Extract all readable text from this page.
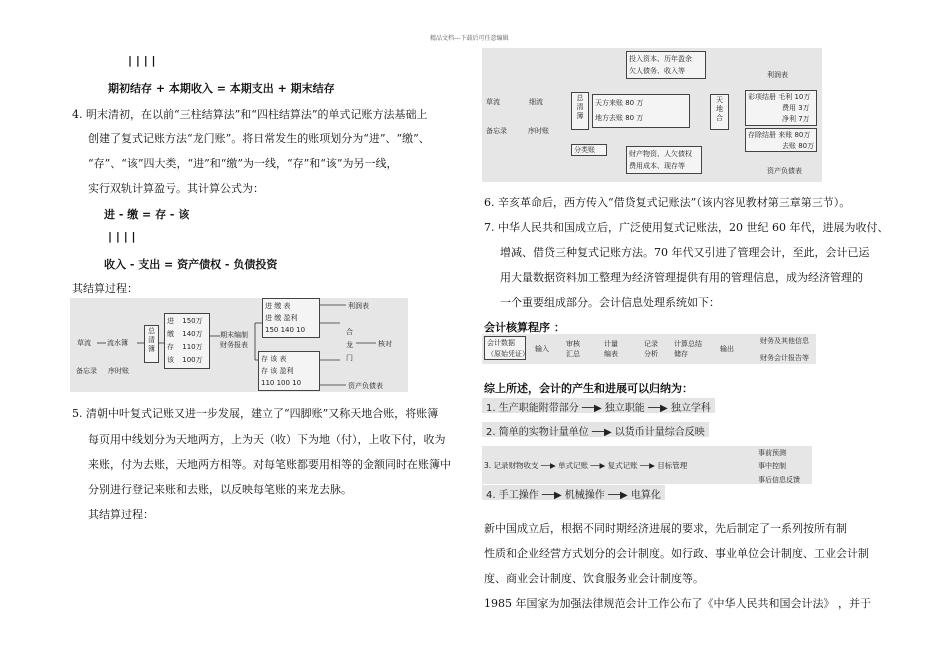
精品文档---下载后可任意编辑
| | | |
期初结存 + 本期收入 = 本期支出 + 期末结存
4. 明末清初，在以前“三柱结算法”和“四柱结算法”的单式记账方法基础上
创建了复式记账方法“龙门账”。将日常发生的账项划分为“进”、“缴”、
“存”、“该”四大类，“进”和“缴”为一线，“存”和“该”为另一线，
实行双轨计算盈亏。其计算公式为：
进 - 缴 = 存 - 该
| | | |
收入 - 支出 = 资产债权 - 负债投资
其结算过程：
草流 流水簿
备忘录 序时账
总清簿
进 150万
缴 140万
存 110万
该 100万
期末编制
财务报表
进 缴 表
进 缴 盈利
150 140 10
存 该 表
存 该 盈利
110 100 10
合
龙
门
核对
利润表
资产负债表
5. 清朝中叶复式记账又进一步发展，建立了“四脚账”又称天地合账，将账簿
每页用中线划分为天地两方，上为天（收）下为地（付），上收下付，收为
来账，付为去账，天地两方相等。对每笔账都要用相等的金额同时在账簿中
分别进行登记来账和去账，以反映每笔账的来龙去脉。
其结算过程：
投入资本、历年盈余
欠人债务、收入等
草流	细流
备忘录	序时账
总清簿
天方来账 80 万
地方去账 80 万
天地合
分类账	财产物资、人欠债权
费用成本、现存等
彩项结册 毛利 10万
费用 3万
净利 7万
存除结册 来账 80万
去账 80万
利润表
资产负债表
6. 辛亥革命后，西方传入“借贷复式记账法”（该内容见教材第三章第三节）。
7. 中华人民共和国成立后，广泛使用复式记账法，20 世纪 60 年代，进展为收付、
增减、借贷三种复式记账方法。70 年代又引进了管理会计，至此，会计已运
用大量数据资料加工整理为经济管理提供有用的管理信息，成为经济管理的
一个重要组成部分。会计信息处理系统如下：
会计核算程序 ：
会计数据
（原始凭证）
输入
审核
汇总
计量
编表
记录
分析
计算总结
储存
输出
财务及其他信息
财务会计报告等
综上所述，会计的产生和进展可以归纳为：
1. 生产职能附带部分 ──▶ 独立职能 ──▶ 独立学科
2. 简单的实物计量单位 ──▶ 以货币计量综合反映
3. 记录财物收支 ──▶ 单式记账 ──▶ 复式记账 ──▶ 目标管理
事前预测
事中控制
事后信息反馈
4. 手工操作 ──▶ 机械操作 ──▶ 电算化
新中国成立后，根据不同时期经济进展的要求，先后制定了一系列按所有制
性质和企业经营方式划分的会计制度。如行政、事业单位会计制度、工业会计制
度、商业会计制度、饮食服务业会计制度等。
1985 年国家为加强法律规范会计工作公布了《中华人民共和国会计法》 ，并于
